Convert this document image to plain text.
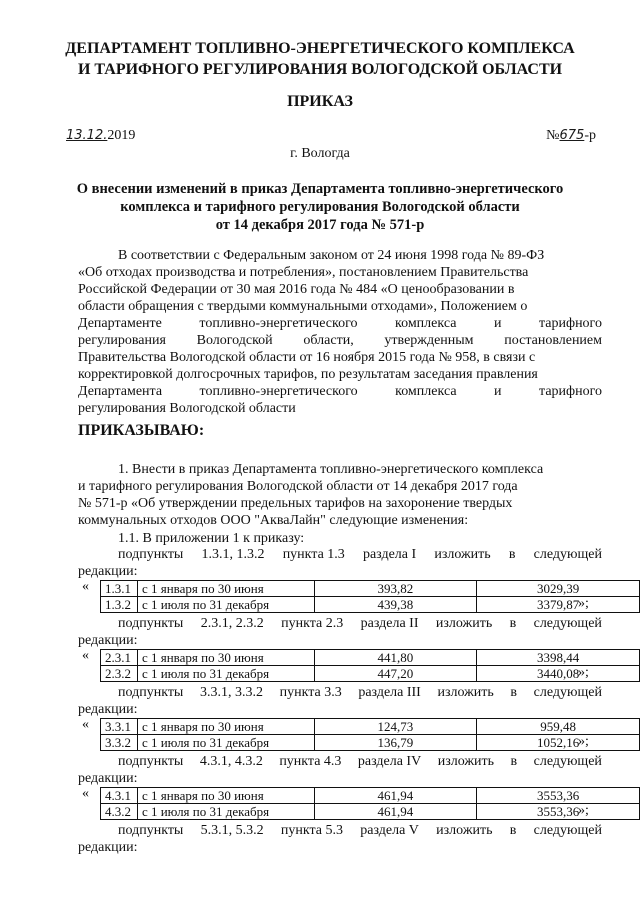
ДЕПАРТАМЕНТ ТОПЛИВНО-ЭНЕРГЕТИЧЕСКОГО КОМПЛЕКСА
И ТАРИФНОГО РЕГУЛИРОВАНИЯ ВОЛОГОДСКОЙ ОБЛАСТИ
ПРИКАЗ
13.12.2019	№675-р
г. Вологда
О внесении изменений в приказ Департамента топливно-энергетического
комплекса и тарифного регулирования Вологодской области
от 14 декабря 2017 года № 571-р
В соответствии с Федеральным законом от 24 июня 1998 года № 89-ФЗ
«Об отходах производства и потребления», постановлением Правительства
Российской Федерации от 30 мая 2016 года № 484 «О ценообразовании в
области обращения с твердыми коммунальными отходами», Положением о
Департаменте	топливно-энергетического	комплекса	и	тарифного
регулирования Вологодской области, утвержденным постановлением
Правительства Вологодской области от 16 ноября 2015 года № 958, в связи с
корректировкой долгосрочных тарифов, по результатам заседания правления
Департамента	топливно-энергетического	комплекса	и	тарифного
регулирования Вологодской области
ПРИКАЗЫВАЮ:
1. Внести в приказ Департамента топливно-энергетического комплекса
и тарифного регулирования Вологодской области от 14 декабря 2017 года
№ 571-р «Об утверждении предельных тарифов на захоронение твердых
коммунальных отходов ООО "АкваЛайн" следующие изменения:
1.1. В приложении 1 к приказу:
подпункты 1.3.1, 1.3.2 пункта 1.3 раздела I изложить в следующей
редакции:
« 1.3.1	с 1 января по 30 июня	393,82	3029,39
1.3.2	с 1 июля по 31 декабря	439,38	3379,87
»;
подпункты 2.3.1, 2.3.2 пункта 2.3 раздела II изложить в следующей
редакции:
« 2.3.1	с 1 января по 30 июня	441,80	3398,44
2.3.2	с 1 июля по 31 декабря	447,20	3440,08
»;
подпункты 3.3.1, 3.3.2 пункта 3.3 раздела III изложить в следующей
редакции:
« 3.3.1	с 1 января по 30 июня	124,73	959,48
3.3.2	с 1 июля по 31 декабря	136,79	1052,16
»;
подпункты 4.3.1, 4.3.2 пункта 4.3 раздела IV изложить в следующей
редакции:
« 4.3.1	с 1 января по 30 июня	461,94	3553,36
4.3.2	с 1 июля по 31 декабря	461,94	3553,36
»;
подпункты 5.3.1, 5.3.2 пункта 5.3 раздела V изложить в следующей
редакции:
